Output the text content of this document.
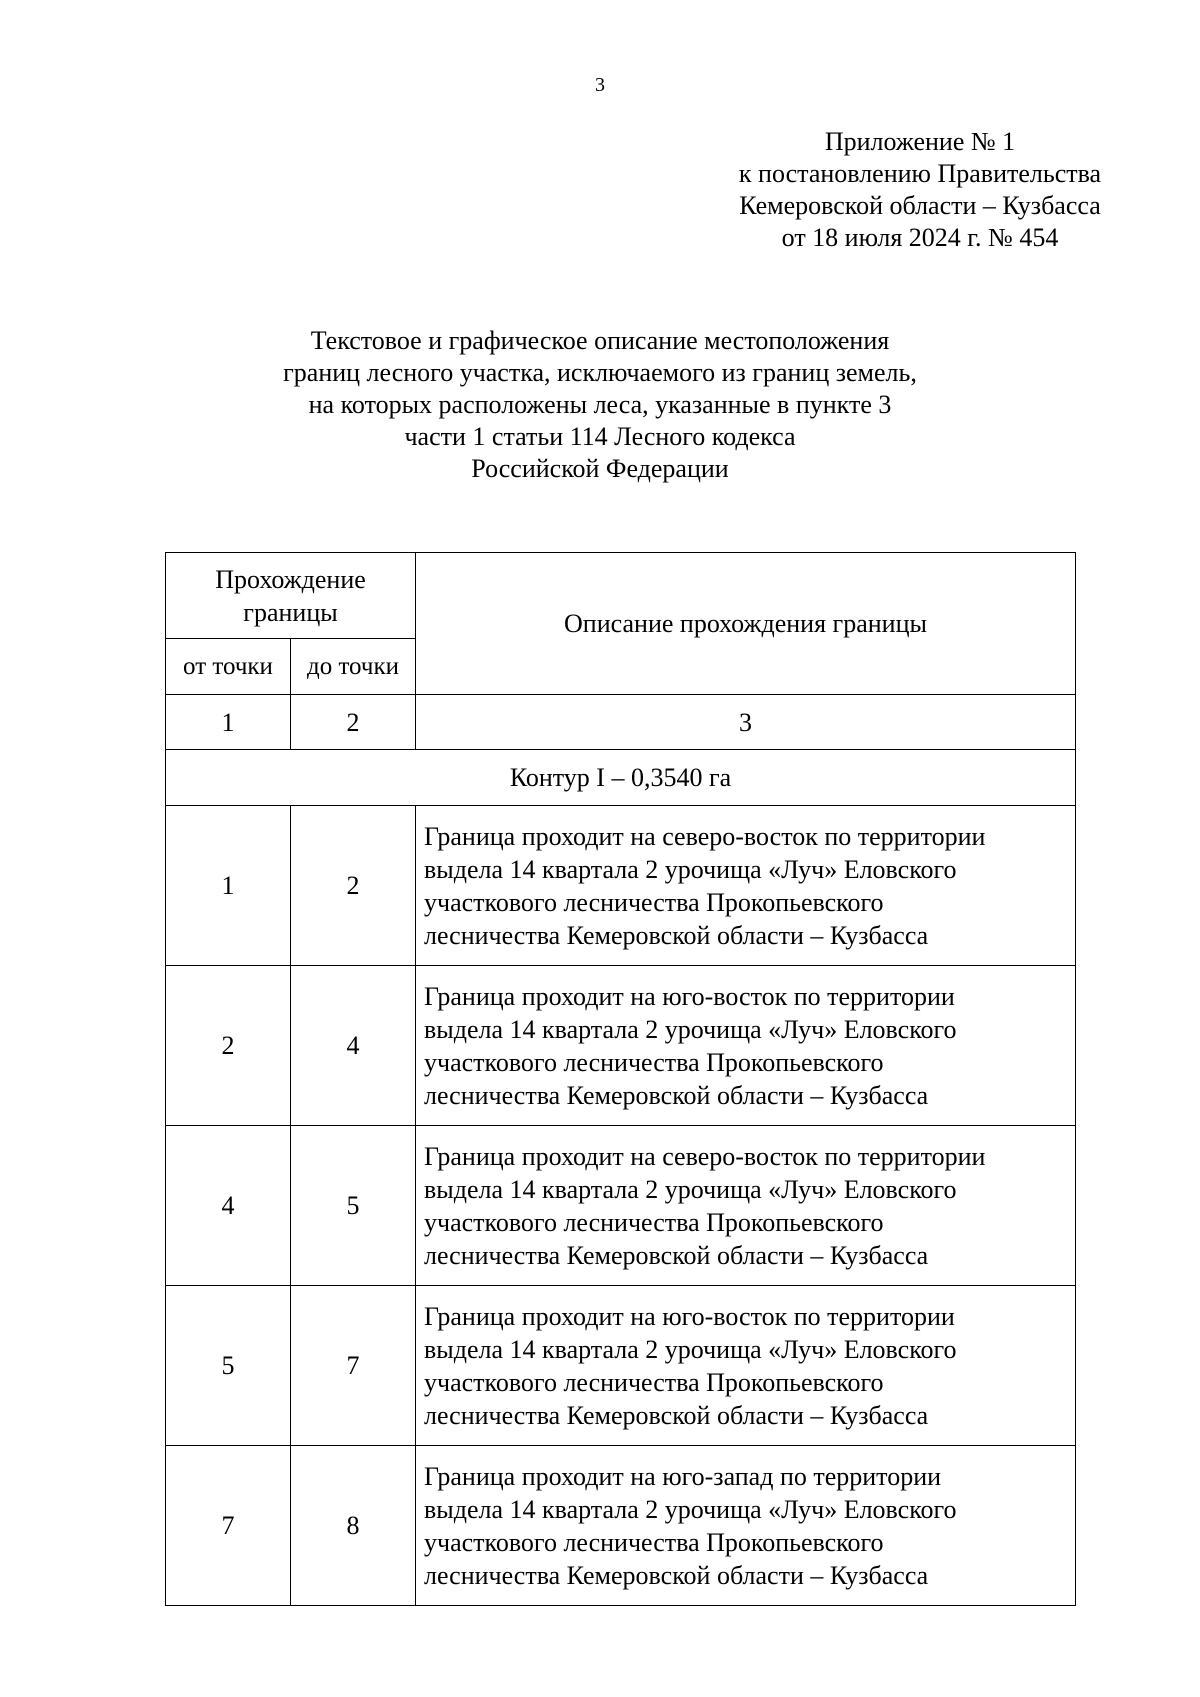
3
Приложение № 1
к постановлению Правительства
Кемеровской области – Кузбасса
от 18 июля 2024 г. № 454
Текстовое и графическое описание местоположения
границ лесного участка, исключаемого из границ земель,
на которых расположены леса, указанные в пункте 3
части 1 статьи 114 Лесного кодекса
Российской Федерации
Прохождение
границы		Описание прохождения границы
от точки	до точки	
1	2	3
Контур I – 0,3540 га		
1	2	Граница проходит на северо-восток по территории
выдела 14 квартала 2 урочища «Луч» Еловского
участкового лесничества Прокопьевского
лесничества Кемеровской области – Кузбасса

2	4	Граница проходит на юго-восток по территории
выдела 14 квартала 2 урочища «Луч» Еловского
участкового лесничества Прокопьевского
лесничества Кемеровской области – Кузбасса

4	5	Граница проходит на северо-восток по территории
выдела 14 квартала 2 урочища «Луч» Еловского
участкового лесничества Прокопьевского
лесничества Кемеровской области – Кузбасса

5	7	Граница проходит на юго-восток по территории
выдела 14 квартала 2 урочища «Луч» Еловского
участкового лесничества Прокопьевского
лесничества Кемеровской области – Кузбасса

7	8	Граница проходит на юго-запад по территории
выдела 14 квартала 2 урочища «Луч» Еловского
участкового лесничества Прокопьевского
лесничества Кемеровской области – Кузбасса
